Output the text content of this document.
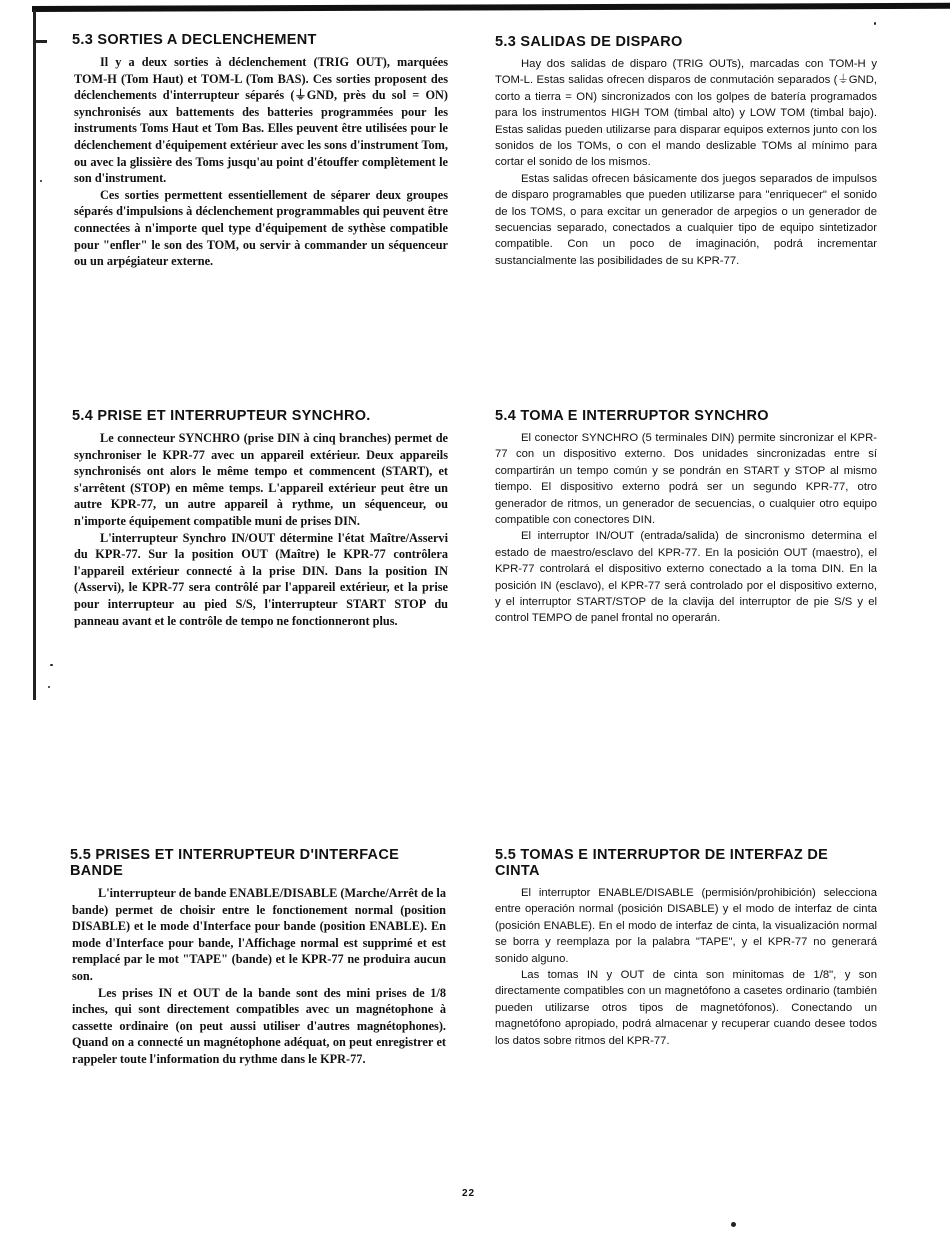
5.3 SORTIES A DECLENCHEMENT

Il y a deux sorties à déclenchement (TRIG OUT), marquées TOM-H (Tom Haut) et TOM-L (Tom BAS). Ces sorties proposent des déclenchements d'interrupteur séparés (⏚GND, près du sol = ON) synchronisés aux battements des batteries programmées pour les instruments Toms Haut et Tom Bas. Elles peuvent être utilisées pour le déclenchement d'équipement extérieur avec les sons d'instrument Tom, ou avec la glissière des Toms jusqu'au point d'étouffer complètement le son d'instrument.

Ces sorties permettent essentiellement de séparer deux groupes séparés d'impulsions à déclenchement programmables qui peuvent être connectées à n'importe quel type d'équipement de sythèse compatible pour "enfler" le son des TOM, ou servir à commander un séquenceur ou un arpégiateur externe.

5.3 SALIDAS DE DISPARO

Hay dos salidas de disparo (TRIG OUTs), marcadas con TOM-H y TOM-L. Estas salidas ofrecen disparos de conmutación separados (⏚GND, corto a tierra = ON) sincronizados con los golpes de batería programados para los instrumentos HIGH TOM (timbal alto) y LOW TOM (timbal bajo). Estas salidas pueden utilizarse para disparar equipos externos junto con los sonidos de los TOMs, o con el mando deslizable TOMs al mínimo para cortar el sonido de los mismos.

Estas salidas ofrecen básicamente dos juegos separados de impulsos de disparo programables que pueden utilizarse para "enriquecer" el sonido de los TOMS, o para excitar un generador de arpegios o un generador de secuencias separado, conectados a cualquier tipo de equipo sintetizador compatible. Con un poco de imaginación, podrá incrementar sustancialmente las posibilidades de su KPR-77.

5.4 PRISE ET INTERRUPTEUR SYNCHRO.

Le connecteur SYNCHRO (prise DIN à cinq branches) permet de synchroniser le KPR-77 avec un appareil extérieur. Deux appareils synchronisés ont alors le même tempo et commencent (START), et s'arrêtent (STOP) en même temps. L'appareil extérieur peut être un autre KPR-77, un autre appareil à rythme, un séquenceur, ou n'importe équipement compatible muni de prises DIN.

L'interrupteur Synchro IN/OUT détermine l'état Maître/Asservi du KPR-77. Sur la position OUT (Maître) le KPR-77 contrôlera l'appareil extérieur connecté à la prise DIN. Dans la position IN (Asservi), le KPR-77 sera contrôlé par l'appareil extérieur, et la prise pour interrupteur au pied S/S, l'interrupteur START STOP du panneau avant et le contrôle de tempo ne fonctionneront plus.

5.4 TOMA E INTERRUPTOR SYNCHRO

El conector SYNCHRO (5 terminales DIN) permite sincronizar el KPR-77 con un dispositivo externo. Dos unidades sincronizadas entre sí compartirán un tempo común y se pondrán en START y STOP al mismo tiempo. El dispositivo externo podrá ser un segundo KPR-77, otro generador de ritmos, un generador de secuencias, o cualquier otro equipo compatible con conectores DIN.

El interruptor IN/OUT (entrada/salida) de sincronismo determina el estado de maestro/esclavo del KPR-77. En la posición OUT (maestro), el KPR-77 controlará el dispositivo externo conectado a la toma DIN. En la posición IN (esclavo), el KPR-77 será controlado por el dispositivo externo, y el interruptor START/STOP de la clavija del interruptor de pie S/S y el control TEMPO de panel frontal no operarán.

5.5 PRISES ET INTERRUPTEUR D'INTERFACE BANDE

L'interrupteur de bande ENABLE/DISABLE (Marche/Arrêt de la bande) permet de choisir entre le fonctionement normal (position DISABLE) et le mode d'Interface pour bande (position ENABLE). En mode d'Interface pour bande, l'Affichage normal est supprimé et est remplacé par le mot "TAPE" (bande) et le KPR-77 ne produira aucun son.

Les prises IN et OUT de la bande sont des mini prises de 1/8 inches, qui sont directement compatibles avec un magnétophone à cassette ordinaire (on peut aussi utiliser d'autres magnétophones). Quand on a connecté un magnétophone adéquat, on peut enregistrer et rappeler toute l'information du rythme dans le KPR-77.

5.5 TOMAS E INTERRUPTOR DE INTERFAZ DE CINTA

El interruptor ENABLE/DISABLE (permisión/prohibición) selecciona entre operación normal (posición DISABLE) y el modo de interfaz de cinta (posición ENABLE). En el modo de interfaz de cinta, la visualización normal se borra y reemplaza por la palabra "TAPE", y el KPR-77 no generará sonido alguno.

Las tomas IN y OUT de cinta son minitomas de 1/8", y son directamente compatibles con un magnetófono a casetes ordinario (también pueden utilizarse otros tipos de magnetófonos). Conectando un magnetófono apropiado, podrá almacenar y recuperar cuando desee todos los datos sobre ritmos del KPR-77.

22
